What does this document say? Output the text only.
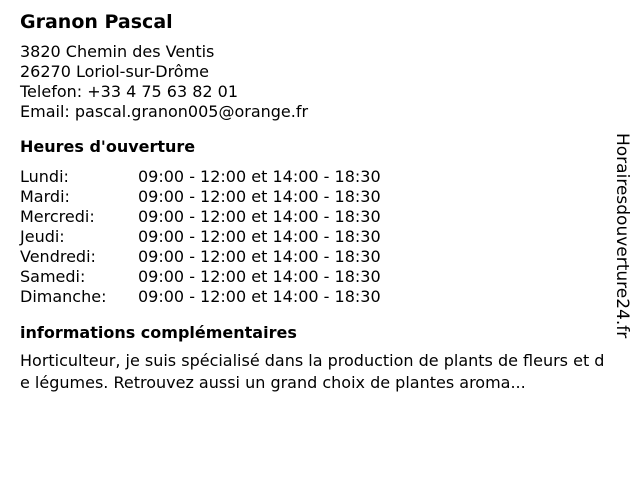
Granon Pascal
3820 Chemin des Ventis
26270 Loriol-sur-Drôme
Telefon: +33 4 75 63 82 01
Email: pascal.granon005@orange.fr
Heures d'ouverture
Lundi:	09:00 - 12:00 et 14:00 - 18:30
Mardi:	09:00 - 12:00 et 14:00 - 18:30
Mercredi:	09:00 - 12:00 et 14:00 - 18:30
Jeudi:	09:00 - 12:00 et 14:00 - 18:30
Vendredi:	09:00 - 12:00 et 14:00 - 18:30
Samedi:	09:00 - 12:00 et 14:00 - 18:30
Dimanche:	09:00 - 12:00 et 14:00 - 18:30
informations complémentaires
Horticulteur, je suis spécialisé dans la production de plants de fleurs et de légumes. Retrouvez aussi un grand choix de plantes aroma...
Horairesdouverture24.fr
